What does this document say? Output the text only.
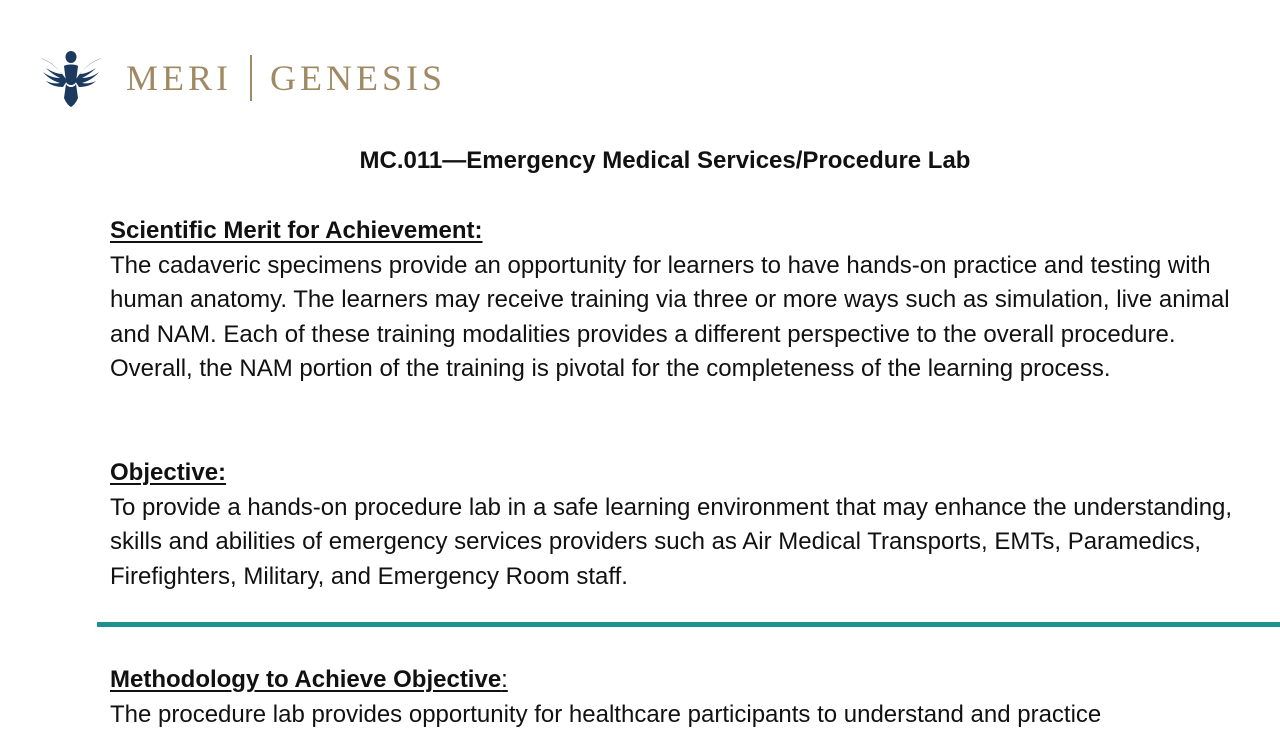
MERI GENESIS
MC.011—Emergency Medical Services/Procedure Lab
Scientific Merit for Achievement:

The cadaveric specimens provide an opportunity for learners to have hands-on practice and testing with human anatomy. The learners may receive training via three or more ways such as simulation, live animal and NAM. Each of these training modalities provides a different perspective to the overall procedure. Overall, the NAM portion of the training is pivotal for the completeness of the learning process.

Objective:

To provide a hands-on procedure lab in a safe learning environment that may enhance the understanding, skills and abilities of emergency services providers such as Air Medical Transports, EMTs, Paramedics, Firefighters, Military, and Emergency Room staff.

Methodology to Achieve Objective:

The procedure lab provides opportunity for healthcare participants to understand and practice
